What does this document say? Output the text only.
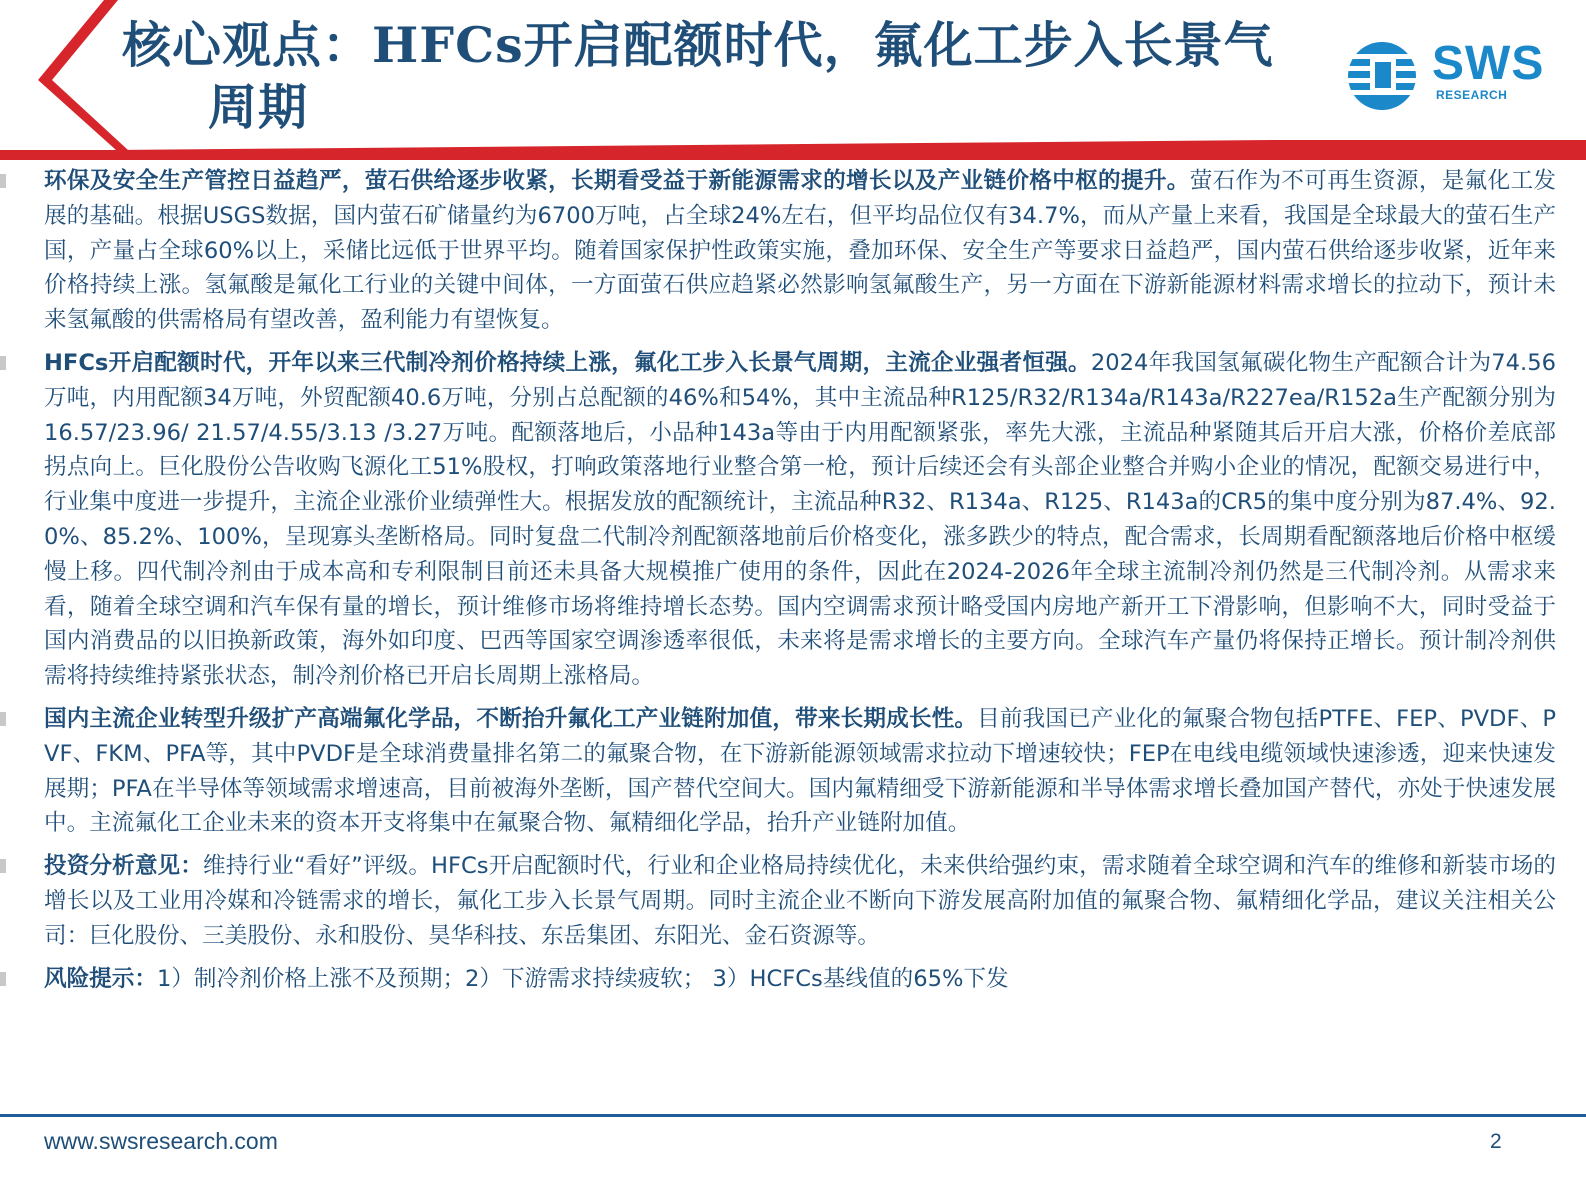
核心观点：HFCs开启配额时代，氟化工步入长景气
周期
SWS
RESEARCH
环保及安全生产管控日益趋严，萤石供给逐步收紧，长期看受益于新能源需求的增长以及产业链价格中枢的提升。萤石作为不可再生资源，是氟化工发展的基础。根据USGS数据，国内萤石矿储量约为6700万吨，占全球24%左右，但平均品位仅有34.7%，而从产量上来看，我国是全球最大的萤石生产国，产量占全球60%以上，采储比远低于世界平均。随着国家保护性政策实施，叠加环保、安全生产等要求日益趋严，国内萤石供给逐步收紧，近年来价格持续上涨。氢氟酸是氟化工行业的关键中间体，一方面萤石供应趋紧必然影响氢氟酸生产，另一方面在下游新能源材料需求增长的拉动下，预计未来氢氟酸的供需格局有望改善，盈利能力有望恢复。
HFCs开启配额时代，开年以来三代制冷剂价格持续上涨，氟化工步入长景气周期，主流企业强者恒强。2024年我国氢氟碳化物生产配额合计为74.56万吨，内用配额34万吨，外贸配额40.6万吨，分别占总配额的46%和54%，其中主流品种R125/R32/R134a/R143a/R227ea/R152a生产配额分别为16.57/23.96/ 21.57/4.55/3.13 /3.27万吨。配额落地后，小品种143a等由于内用配额紧张，率先大涨，主流品种紧随其后开启大涨，价格价差底部拐点向上。巨化股份公告收购飞源化工51%股权，打响政策落地行业整合第一枪，预计后续还会有头部企业整合并购小企业的情况，配额交易进行中，行业集中度进一步提升，主流企业涨价业绩弹性大。根据发放的配额统计，主流品种R32、R134a、R125、R143a的CR5的集中度分别为87.4%、92.0%、85.2%、100%，呈现寡头垄断格局。同时复盘二代制冷剂配额落地前后价格变化，涨多跌少的特点，配合需求，长周期看配额落地后价格中枢缓慢上移。四代制冷剂由于成本高和专利限制目前还未具备大规模推广使用的条件，因此在2024-2026年全球主流制冷剂仍然是三代制冷剂。从需求来看，随着全球空调和汽车保有量的增长，预计维修市场将维持增长态势。国内空调需求预计略受国内房地产新开工下滑影响，但影响不大，同时受益于国内消费品的以旧换新政策，海外如印度、巴西等国家空调渗透率很低，未来将是需求增长的主要方向。全球汽车产量仍将保持正增长。预计制冷剂供需将持续维持紧张状态，制冷剂价格已开启长周期上涨格局。
国内主流企业转型升级扩产高端氟化学品，不断抬升氟化工产业链附加值，带来长期成长性。目前我国已产业化的氟聚合物包括PTFE、FEP、PVDF、PVF、FKM、PFA等，其中PVDF是全球消费量排名第二的氟聚合物，在下游新能源领域需求拉动下增速较快；FEP在电线电缆领域快速渗透，迎来快速发展期；PFA在半导体等领域需求增速高，目前被海外垄断，国产替代空间大。国内氟精细受下游新能源和半导体需求增长叠加国产替代，亦处于快速发展中。主流氟化工企业未来的资本开支将集中在氟聚合物、氟精细化学品，抬升产业链附加值。
投资分析意见：维持行业“看好”评级。HFCs开启配额时代，行业和企业格局持续优化，未来供给强约束，需求随着全球空调和汽车的维修和新装市场的增长以及工业用冷媒和冷链需求的增长，氟化工步入长景气周期。同时主流企业不断向下游发展高附加值的氟聚合物、氟精细化学品，建议关注相关公司：巨化股份、三美股份、永和股份、昊华科技、东岳集团、东阳光、金石资源等。
风险提示：1）制冷剂价格上涨不及预期；2）下游需求持续疲软； 3）HCFCs基线值的65%下发
www.swsresearch.com	2
